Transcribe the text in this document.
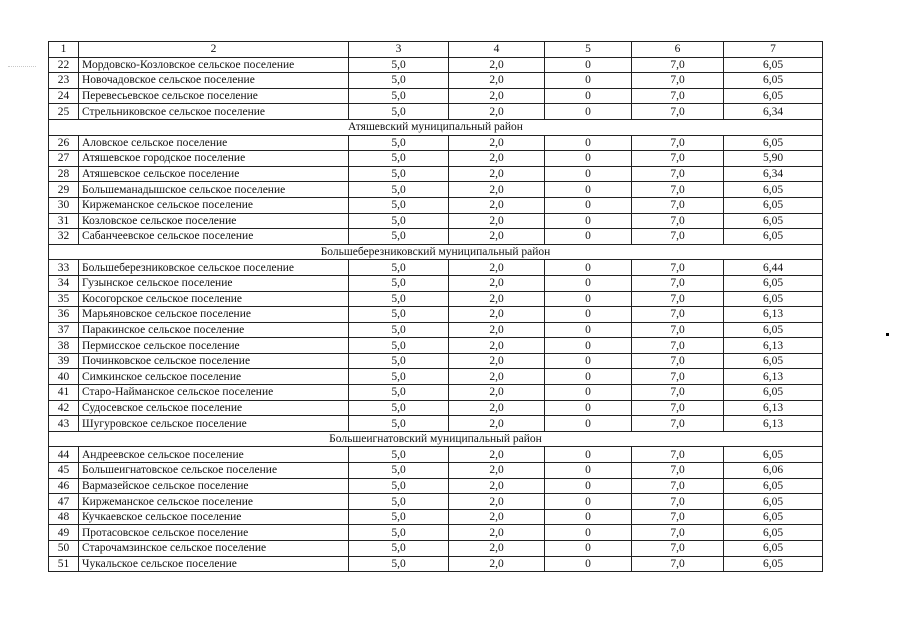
1	2	3	4	5	6	7
22	Мордовско-Козловское сельское поселение	5,0	2,0	0	7,0	6,05
23	Новочадовское сельское поселение	5,0	2,0	0	7,0	6,05
24	Перевесьевское сельское поселение	5,0	2,0	0	7,0	6,05
25	Стрельниковское сельское поселение	5,0	2,0	0	7,0	6,34
Атяшевский муниципальный район						
26	Аловское сельское поселение	5,0	2,0	0	7,0	6,05
27	Атяшевское городское поселение	5,0	2,0	0	7,0	5,90
28	Атяшевское сельское поселение	5,0	2,0	0	7,0	6,34
29	Большеманадышское сельское поселение	5,0	2,0	0	7,0	6,05
30	Киржеманское сельское поселение	5,0	2,0	0	7,0	6,05
31	Козловское сельское поселение	5,0	2,0	0	7,0	6,05
32	Сабанчеевское сельское поселение	5,0	2,0	0	7,0	6,05
Большеберезниковский муниципальный район						
33	Большеберезниковское сельское поселение	5,0	2,0	0	7,0	6,44
34	Гузынское сельское поселение	5,0	2,0	0	7,0	6,05
35	Косогорское сельское поселение	5,0	2,0	0	7,0	6,05
36	Марьяновское сельское поселение	5,0	2,0	0	7,0	6,13
37	Паракинское сельское поселение	5,0	2,0	0	7,0	6,05
38	Пермисское сельское поселение	5,0	2,0	0	7,0	6,13
39	Починковское сельское поселение	5,0	2,0	0	7,0	6,05
40	Симкинское сельское поселение	5,0	2,0	0	7,0	6,13
41	Старо-Найманское сельское поселение	5,0	2,0	0	7,0	6,05
42	Судосевское сельское поселение	5,0	2,0	0	7,0	6,13
43	Шугуровское сельское поселение	5,0	2,0	0	7,0	6,13
Большеигнатовский муниципальный район						
44	Андреевское сельское поселение	5,0	2,0	0	7,0	6,05
45	Большеигнатовское сельское поселение	5,0	2,0	0	7,0	6,06
46	Вармазейское сельское поселение	5,0	2,0	0	7,0	6,05
47	Киржеманское сельское поселение	5,0	2,0	0	7,0	6,05
48	Кучкаевское сельское поселение	5,0	2,0	0	7,0	6,05
49	Протасовское сельское поселение	5,0	2,0	0	7,0	6,05
50	Старочамзинское сельское поселение	5,0	2,0	0	7,0	6,05
51	Чукальское сельское поселение	5,0	2,0	0	7,0	6,05
